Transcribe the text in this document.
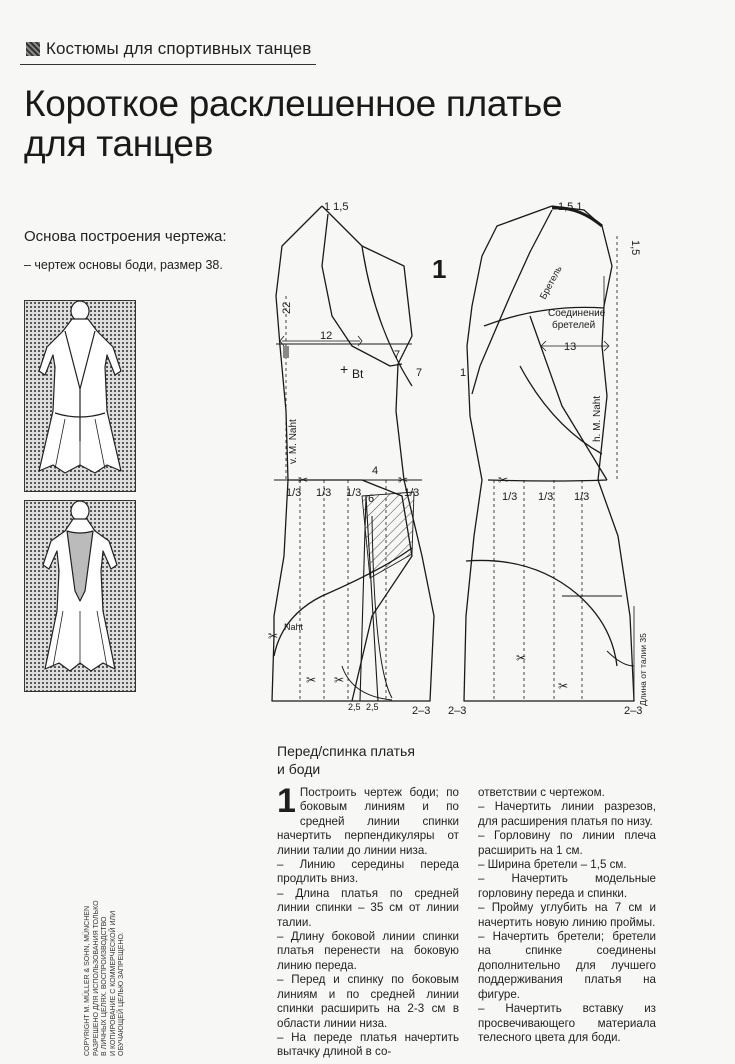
Костюмы для спортивных танцев
Короткое расклешенное платье
для танцев
Основа построения чертежа:
– чертеж основы боди, размер 38.
✂
✂
✂ ✂
✂	✂
✂
✂
1 1,5
22
12
7
7
+ Bt
v. M. Naht
1/3 1/3 1/3	1/3
4
6
Naht
2,5 2,5	2–3
1
1,5 1
1,5
Бретель
Соединение
бретелей
13
1
h. M. Naht
1/3 1/3 1/3
Длина от талии 35
2–3	2–3
Перед/спинка платья
и боди

1 Построить чертеж боди; по боковым линиям и по средней линии спинки начертить перпендикуляры от линии талии до линии низа.

– Линию середины переда продлить вниз.

– Длина платья по средней линии спинки – 35 см от линии талии.

– Длину боковой линии спинки платья перенести на боковую линию переда.

– Перед и спинку по боковым линиям и по средней линии спинки расширить на 2-3 см в области линии низа.

– На переде платья начертить вытачку длиной в со-

ответствии с чертежом.

– Начертить линии разрезов, для расширения платья по низу.

– Горловину по линии плеча расширить на 1 см.

– Ширина бретели – 1,5 см.

– Начертить модельные горловину переда и спинки.

– Пройму углубить на 7 см и начертить новую линию проймы.

– Начертить бретели; бретели на спинке соединены дополнительно для лучшего поддерживания платья на фигуре.

– Начертить вставку из просвечивающего материала телесного цвета для боди.

COPYRIGHT M. MÜLLER & SOHN, MÜNCHEN РАЗРЕШЕНО ДЛЯ ИСПОЛЬЗОВАНИЯ ТОЛЬКО В ЛИЧНЫХ ЦЕЛЯХ. ВОСПРОИЗВОДСТВО И КОПИРОВАНИЕ С КОММЕРЧЕСКОЙ ИЛИ ОБУЧАЮЩЕЙ ЦЕЛЬЮ ЗАПРЕЩЕНО.
